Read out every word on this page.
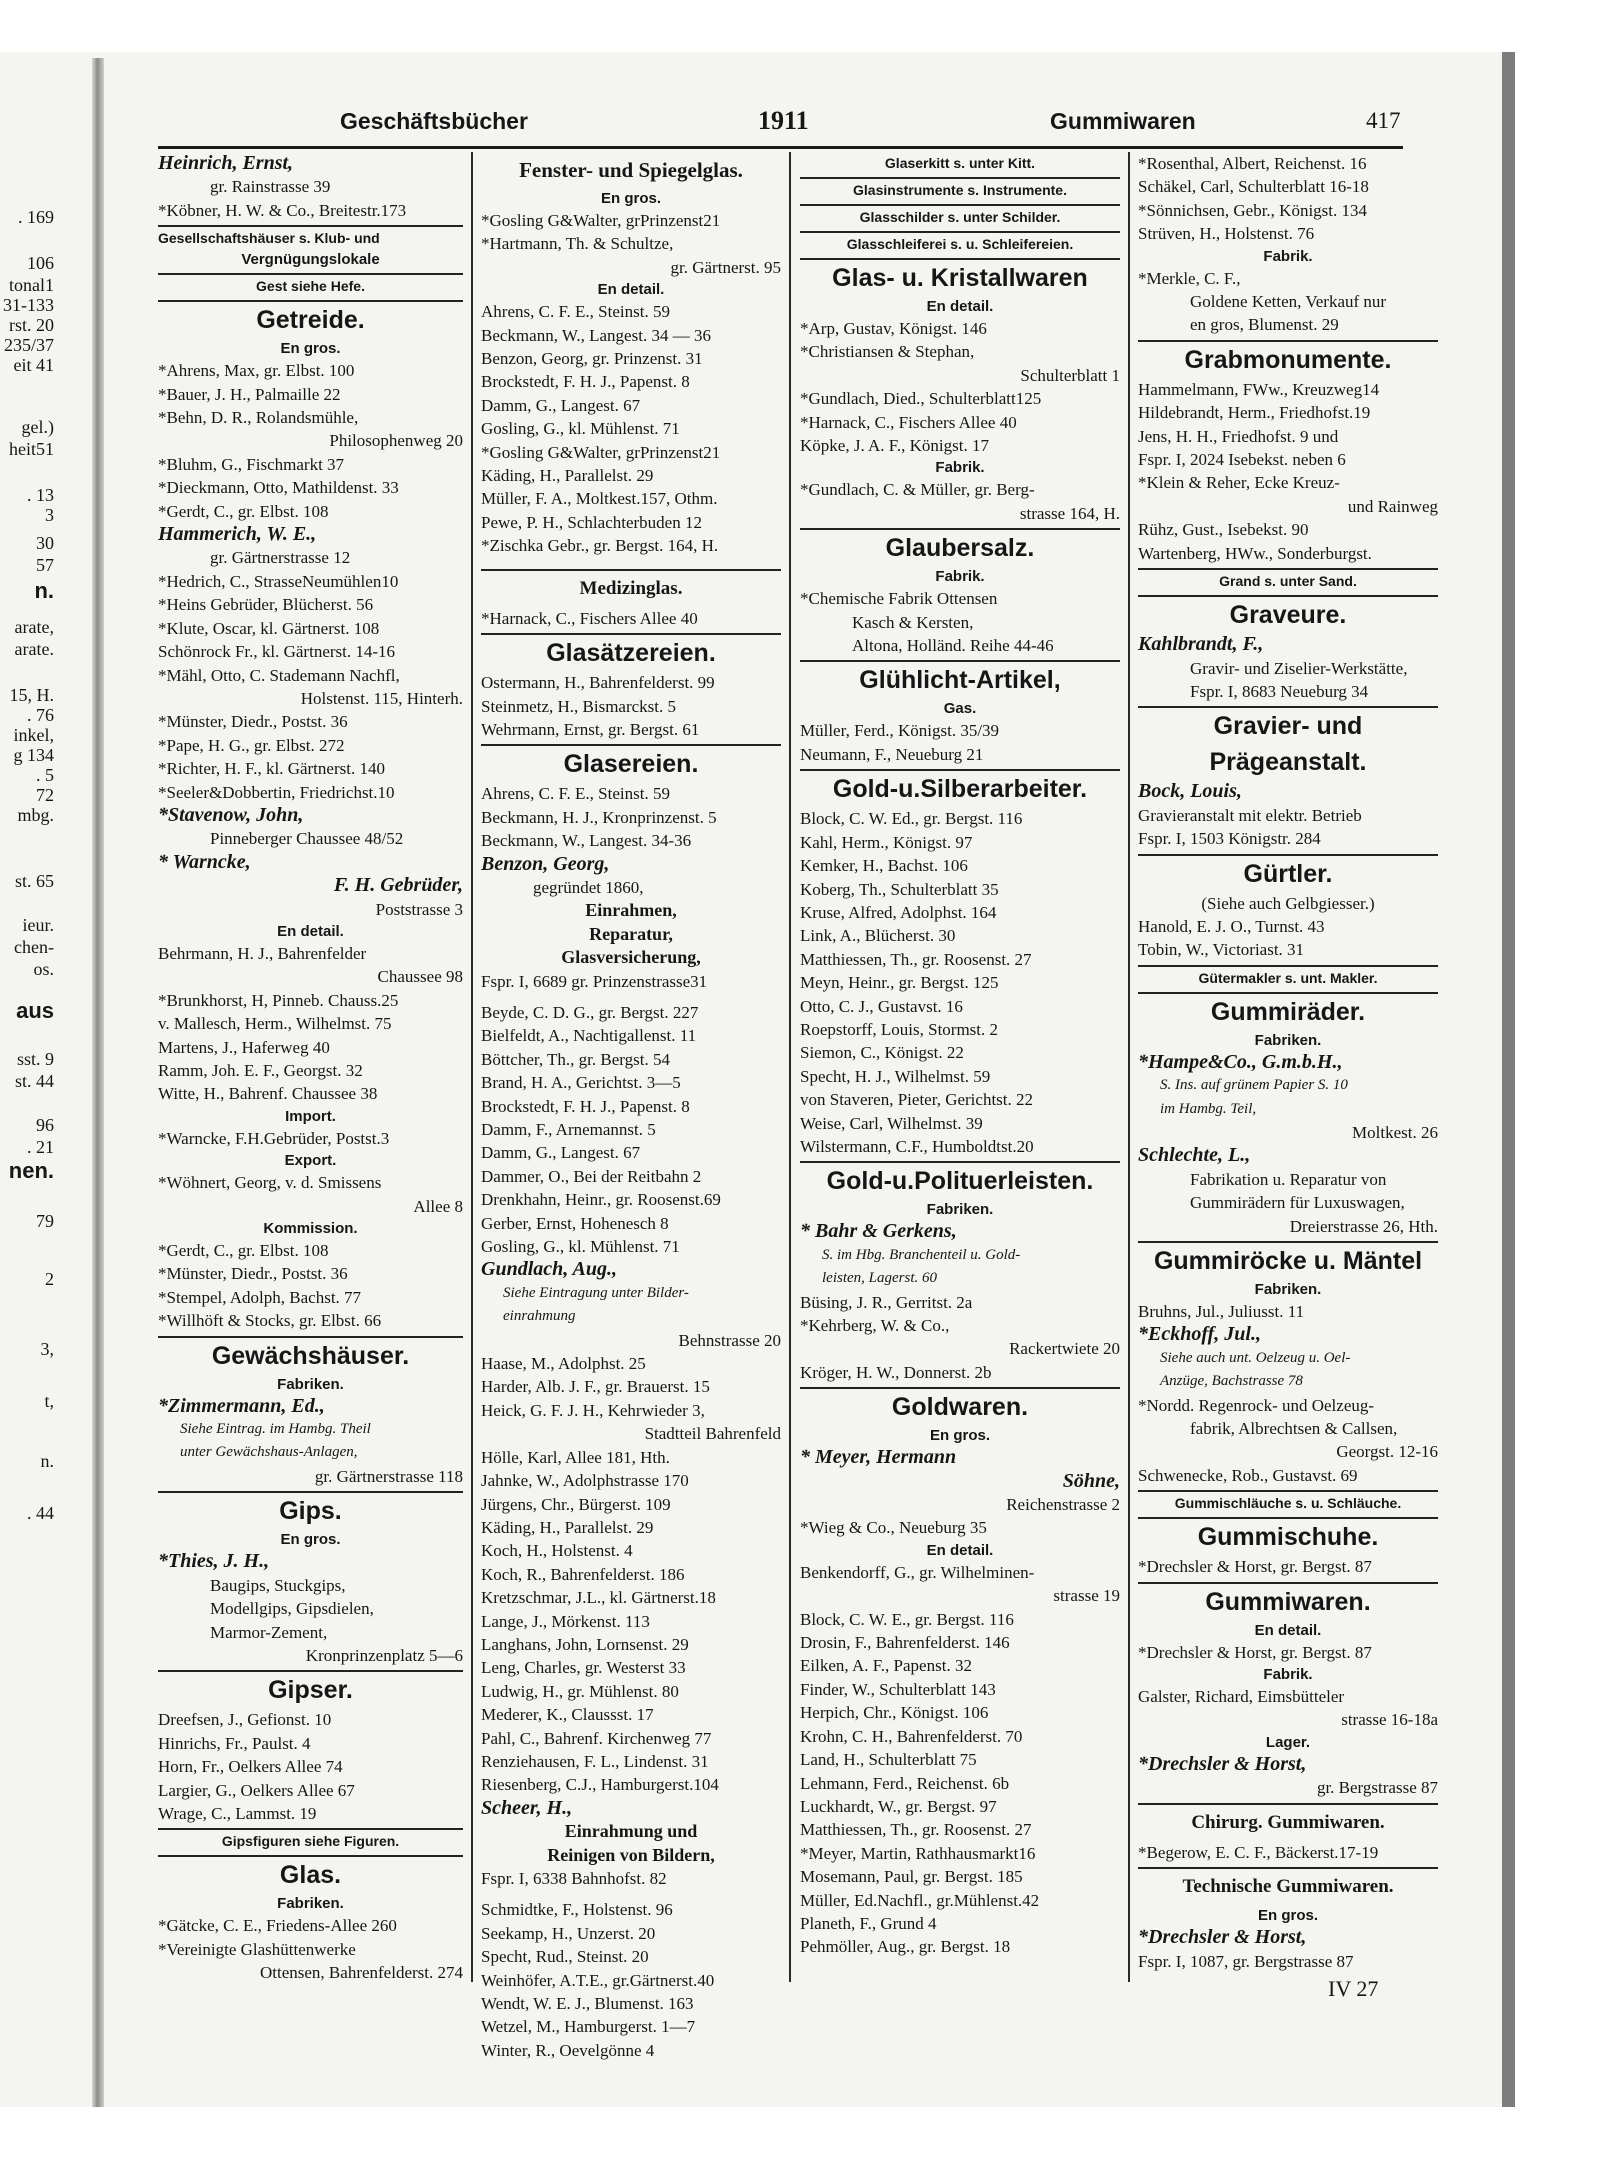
. 169
106
tonal1
31-133
rst. 20
235/37
eit 41
gel.)
heit51
. 13
3
30
57
n.
arate,
arate.
15, H.
. 76
inkel,
g 134
. 5
72
mbg.
st. 65
ieur.
chen-
os.
aus
sst. 9
st. 44
96
. 21
nen.
79
2
3,
t,
n.
. 44
Geschäftsbücher	1911	Gummiwaren	417
Heinrich, Ernst,
gr. Rainstrasse 39
*Köbner, H. W. & Co., Breitestr.173
Gesellschaftshäuser s. Klub- und
Vergnügungslokale
Gest siehe Hefe.
Getreide.
En gros.
*Ahrens, Max, gr. Elbst. 100
*Bauer, J. H., Palmaille 22
*Behn, D. R., Rolandsmühle,
Philosophenweg 20
*Bluhm, G., Fischmarkt 37
*Dieckmann, Otto, Mathildenst. 33
*Gerdt, C., gr. Elbst. 108
Hammerich, W. E.,
gr. Gärtnerstrasse 12
*Hedrich, C., StrasseNeumühlen10
*Heins Gebrüder, Blücherst. 56
*Klute, Oscar, kl. Gärtnerst. 108
Schönrock Fr., kl. Gärtnerst. 14-16
*Mähl, Otto, C. Stademann Nachfl,
Holstenst. 115, Hinterh.
*Münster, Diedr., Postst. 36
*Pape, H. G., gr. Elbst. 272
*Richter, H. F., kl. Gärtnerst. 140
*Seeler&Dobbertin, Friedrichst.10
*Stavenow, John,
Pinneberger Chaussee 48/52
* Warncke,
F. H. Gebrüder,
Poststrasse 3
En detail.
Behrmann, H. J., Bahrenfelder
Chaussee 98
*Brunkhorst, H, Pinneb. Chauss.25
v. Mallesch, Herm., Wilhelmst. 75
Martens, J., Haferweg 40
Ramm, Joh. E. F., Georgst. 32
Witte, H., Bahrenf. Chaussee 38
Import.
*Warncke, F.H.Gebrüder, Postst.3
Export.
*Wöhnert, Georg, v. d. Smissens
Allee 8
Kommission.
*Gerdt, C., gr. Elbst. 108
*Münster, Diedr., Postst. 36
*Stempel, Adolph, Bachst. 77
*Willhöft & Stocks, gr. Elbst. 66
Gewächshäuser.
Fabriken.
*Zimmermann, Ed.,
Siehe Eintrag. im Hambg. Theil
unter Gewächshaus-Anlagen,
gr. Gärtnerstrasse 118
Gips.
En gros.
*Thies, J. H.,
Baugips, Stuckgips,
Modellgips, Gipsdielen,
Marmor-Zement,
Kronprinzenplatz 5—6
Gipser.
Dreefsen, J., Gefionst. 10
Hinrichs, Fr., Paulst. 4
Horn, Fr., Oelkers Allee 74
Largier, G., Oelkers Allee 67
Wrage, C., Lammst. 19
Gipsfiguren siehe Figuren.
Glas.
Fabriken.
*Gätcke, C. E., Friedens-Allee 260
*Vereinigte Glashüttenwerke
Ottensen, Bahrenfelderst. 274
Fenster- und Spiegelglas.
En gros.
*Gosling G&Walter, grPrinzenst21
*Hartmann, Th. & Schultze,
gr. Gärtnerst. 95
En detail.
Ahrens, C. F. E., Steinst. 59
Beckmann, W., Langest. 34 — 36
Benzon, Georg, gr. Prinzenst. 31
Brockstedt, F. H. J., Papenst. 8
Damm, G., Langest. 67
Gosling, G., kl. Mühlenst. 71
*Gosling G&Walter, grPrinzenst21
Käding, H., Parallelst. 29
Müller, F. A., Moltkest.157, Othm.
Pewe, P. H., Schlachterbuden 12
*Zischka Gebr., gr. Bergst. 164, H.
Medizinglas.
*Harnack, C., Fischers Allee 40
Glasätzereien.
Ostermann, H., Bahrenfelderst. 99
Steinmetz, H., Bismarckst. 5
Wehrmann, Ernst, gr. Bergst. 61
Glasereien.
Ahrens, C. F. E., Steinst. 59
Beckmann, H. J., Kronprinzenst. 5
Beckmann, W., Langest. 34-36
Benzon, Georg,
gegründet 1860,
Einrahmen,
Reparatur,
Glasversicherung,
Fspr. I, 6689 gr. Prinzenstrasse31
Beyde, C. D. G., gr. Bergst. 227
Bielfeldt, A., Nachtigallenst. 11
Böttcher, Th., gr. Bergst. 54
Brand, H. A., Gerichtst. 3—5
Brockstedt, F. H. J., Papenst. 8
Damm, F., Arnemannst. 5
Damm, G., Langest. 67
Dammer, O., Bei der Reitbahn 2
Drenkhahn, Heinr., gr. Roosenst.69
Gerber, Ernst, Hohenesch 8
Gosling, G., kl. Mühlenst. 71
Gundlach, Aug.,
Siehe Eintragung unter Bilder-
einrahmung
Behnstrasse 20
Haase, M., Adolphst. 25
Harder, Alb. J. F., gr. Brauerst. 15
Heick, G. F. J. H., Kehrwieder 3,
Stadtteil Bahrenfeld
Hölle, Karl, Allee 181, Hth.
Jahnke, W., Adolphstrasse 170
Jürgens, Chr., Bürgerst. 109
Käding, H., Parallelst. 29
Koch, H., Holstenst. 4
Koch, R., Bahrenfelderst. 186
Kretzschmar, J.L., kl. Gärtnerst.18
Lange, J., Mörkenst. 113
Langhans, John, Lornsenst. 29
Leng, Charles, gr. Westerst 33
Ludwig, H., gr. Mühlenst. 80
Mederer, K., Claussst. 17
Pahl, C., Bahrenf. Kirchenweg 77
Renziehausen, F. L., Lindenst. 31
Riesenberg, C.J., Hamburgerst.104
Scheer, H.,
Einrahmung und
Reinigen von Bildern,
Fspr. I, 6338 Bahnhofst. 82
Schmidtke, F., Holstenst. 96
Seekamp, H., Unzerst. 20
Specht, Rud., Steinst. 20
Weinhöfer, A.T.E., gr.Gärtnerst.40
Wendt, W. E. J., Blumenst. 163
Wetzel, M., Hamburgerst. 1—7
Winter, R., Oevelgönne 4
Glaserkitt s. unter Kitt.
Glasinstrumente s. Instrumente.
Glasschilder s. unter Schilder.
Glasschleiferei s. u. Schleifereien.
Glas- u. Kristallwaren
En detail.
*Arp, Gustav, Königst. 146
*Christiansen & Stephan,
Schulterblatt 1
*Gundlach, Died., Schulterblatt125
*Harnack, C., Fischers Allee 40
Köpke, J. A. F., Königst. 17
Fabrik.
*Gundlach, C. & Müller, gr. Berg-
strasse 164, H.
Glaubersalz.
Fabrik.
*Chemische Fabrik Ottensen
Kasch & Kersten,
Altona, Holländ. Reihe 44-46
Glühlicht-Artikel,
Gas.
Müller, Ferd., Königst. 35/39
Neumann, F., Neueburg 21
Gold-u.Silberarbeiter.
Block, C. W. Ed., gr. Bergst. 116
Kahl, Herm., Königst. 97
Kemker, H., Bachst. 106
Koberg, Th., Schulterblatt 35
Kruse, Alfred, Adolphst. 164
Link, A., Blücherst. 30
Matthiessen, Th., gr. Roosenst. 27
Meyn, Heinr., gr. Bergst. 125
Otto, C. J., Gustavst. 16
Roepstorff, Louis, Stormst. 2
Siemon, C., Königst. 22
Specht, H. J., Wilhelmst. 59
von Staveren, Pieter, Gerichtst. 22
Weise, Carl, Wilhelmst. 39
Wilstermann, C.F., Humboldtst.20
Gold-u.Polituerleisten.
Fabriken.
* Bahr & Gerkens,
S. im Hbg. Branchenteil u. Gold-
leisten, Lagerst. 60
Büsing, J. R., Gerritst. 2a
*Kehrberg, W. & Co.,
Rackertwiete 20
Kröger, H. W., Donnerst. 2b
Goldwaren.
En gros.
* Meyer, Hermann
Söhne,
Reichenstrasse 2
*Wieg & Co., Neueburg 35
En detail.
Benkendorff, G., gr. Wilhelminen-
strasse 19
Block, C. W. E., gr. Bergst. 116
Drosin, F., Bahrenfelderst. 146
Eilken, A. F., Papenst. 32
Finder, W., Schulterblatt 143
Herpich, Chr., Königst. 106
Krohn, C. H., Bahrenfelderst. 70
Land, H., Schulterblatt 75
Lehmann, Ferd., Reichenst. 6b
Luckhardt, W., gr. Bergst. 97
Matthiessen, Th., gr. Roosenst. 27
*Meyer, Martin, Rathhausmarkt16
Mosemann, Paul, gr. Bergst. 185
Müller, Ed.Nachfl., gr.Mühlenst.42
Planeth, F., Grund 4
Pehmöller, Aug., gr. Bergst. 18
*Rosenthal, Albert, Reichenst. 16
Schäkel, Carl, Schulterblatt 16-18
*Sönnichsen, Gebr., Königst. 134
Strüven, H., Holstenst. 76
Fabrik.
*Merkle, C. F.,
Goldene Ketten, Verkauf nur
en gros, Blumenst. 29
Grabmonumente.
Hammelmann, FWw., Kreuzweg14
Hildebrandt, Herm., Friedhofst.19
Jens, H. H., Friedhofst. 9 und
Fspr. I, 2024 Isebekst. neben 6
*Klein & Reher, Ecke Kreuz-
und Rainweg
Rühz, Gust., Isebekst. 90
Wartenberg, HWw., Sonderburgst.
Grand s. unter Sand.
Graveure.
Kahlbrandt, F.,
Gravir- und Ziselier-Werkstätte,
Fspr. I, 8683 Neueburg 34
Gravier- und
Prägeanstalt.
Bock, Louis,
Gravieranstalt mit elektr. Betrieb
Fspr. I, 1503 Königstr. 284
Gürtler.
(Siehe auch Gelbgiesser.)
Hanold, E. J. O., Turnst. 43
Tobin, W., Victoriast. 31
Gütermakler s. unt. Makler.
Gummiräder.
Fabriken.
*Hampe&Co., G.m.b.H.,
S. Ins. auf grünem Papier S. 10
im Hambg. Teil,
Moltkest. 26
Schlechte, L.,
Fabrikation u. Reparatur von
Gummirädern für Luxuswagen,
Dreierstrasse 26, Hth.
Gummiröcke u. Mäntel
Fabriken.
Bruhns, Jul., Juliusst. 11
*Eckhoff, Jul.,
Siehe auch unt. Oelzeug u. Oel-
Anzüge, Bachstrasse 78
*Nordd. Regenrock- und Oelzeug-
fabrik, Albrechtsen & Callsen,
Georgst. 12-16
Schwenecke, Rob., Gustavst. 69
Gummischläuche s. u. Schläuche.
Gummischuhe.
*Drechsler & Horst, gr. Bergst. 87
Gummiwaren.
En detail.
*Drechsler & Horst, gr. Bergst. 87
Fabrik.
Galster, Richard, Eimsbütteler
strasse 16-18a
Lager.
*Drechsler & Horst,
gr. Bergstrasse 87
Chirurg. Gummiwaren.
*Begerow, E. C. F., Bäckerst.17-19
Technische Gummiwaren.
En gros.
*Drechsler & Horst,
Fspr. I, 1087, gr. Bergstrasse 87
IV 27
